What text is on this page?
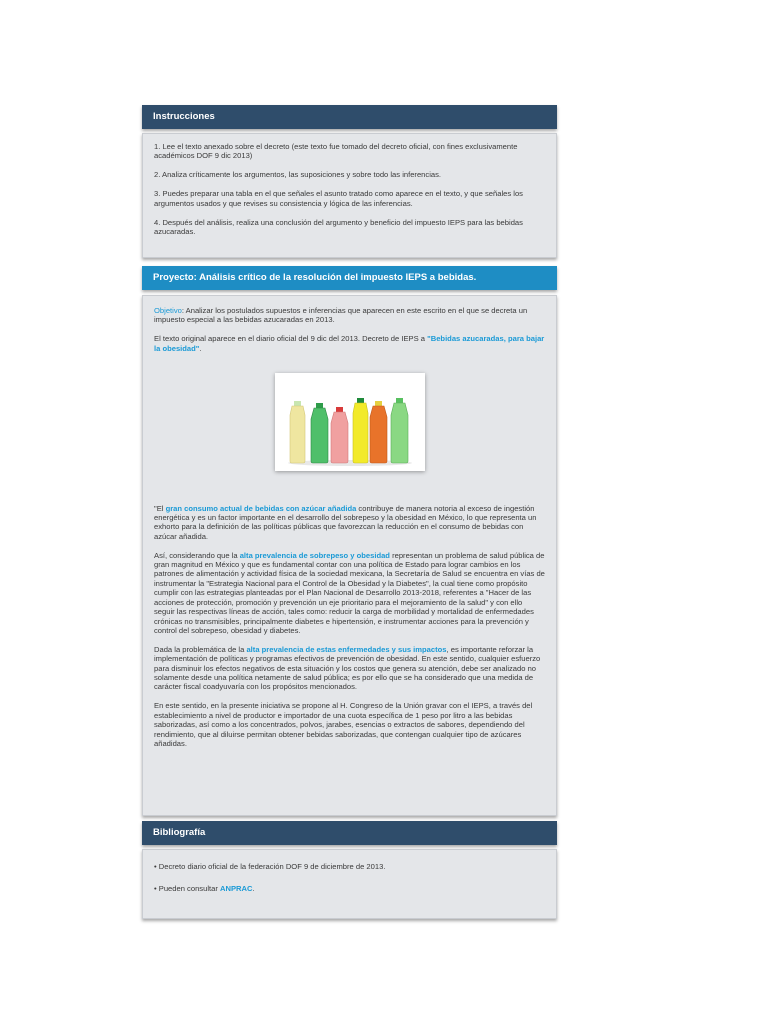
Instrucciones

1. Lee el texto anexado sobre el decreto (este texto fue tomado del decreto oficial, con fines exclusivamente académicos DOF 9 dic 2013)

2. Analiza críticamente los argumentos, las suposiciones y sobre todo las inferencias.

3. Puedes preparar una tabla en el que señales el asunto tratado como aparece en el texto, y que señales los argumentos usados y que revises su consistencia y lógica de las inferencias.

4. Después del análisis, realiza una conclusión del argumento y beneficio del impuesto IEPS para las bebidas azucaradas.

Proyecto: Análisis crítico de la resolución del impuesto IEPS a bebidas.

Objetivo: Analizar los postulados supuestos e inferencias que aparecen en este escrito en el que se decreta un impuesto especial a las bebidas azucaradas en 2013.

El texto original aparece en el diario oficial del 9 dic del 2013. Decreto de IEPS a "Bebidas azucaradas, para bajar la obesidad".

"El gran consumo actual de bebidas con azúcar añadida contribuye de manera notoria al exceso de ingestión energética y es un factor importante en el desarrollo del sobrepeso y la obesidad en México, lo que representa un exhorto para la definición de las políticas públicas que favorezcan la reducción en el consumo de bebidas con azúcar añadida.

Así, considerando que la alta prevalencia de sobrepeso y obesidad representan un problema de salud pública de gran magnitud en México y que es fundamental contar con una política de Estado para lograr cambios en los patrones de alimentación y actividad física de la sociedad mexicana, la Secretaría de Salud se encuentra en vías de instrumentar la "Estrategia Nacional para el Control de la Obesidad y la Diabetes", la cual tiene como propósito cumplir con las estrategias planteadas por el Plan Nacional de Desarrollo 2013-2018, referentes a "Hacer de las acciones de protección, promoción y prevención un eje prioritario para el mejoramiento de la salud" y con ello seguir las respectivas líneas de acción, tales como: reducir la carga de morbilidad y mortalidad de enfermedades crónicas no transmisibles, principalmente diabetes e hipertensión, e instrumentar acciones para la prevención y control del sobrepeso, obesidad y diabetes.

Dada la problemática de la alta prevalencia de estas enfermedades y sus impactos, es importante reforzar la implementación de políticas y programas efectivos de prevención de obesidad. En este sentido, cualquier esfuerzo para disminuir los efectos negativos de esta situación y los costos que genera su atención, debe ser analizado no solamente desde una política netamente de salud pública; es por ello que se ha considerado que una medida de carácter fiscal coadyuvaría con los propósitos mencionados.

En este sentido, en la presente iniciativa se propone al H. Congreso de la Unión gravar con el IEPS, a través del establecimiento a nivel de productor e importador de una cuota específica de 1 peso por litro a las bebidas saborizadas, así como a los concentrados, polvos, jarabes, esencias o extractos de sabores, dependiendo del rendimiento, que al diluirse permitan obtener bebidas saborizadas, que contengan cualquier tipo de azúcares añadidas.

Bibliografía

• Decreto diario oficial de la federación DOF 9 de diciembre de 2013.

• Pueden consultar ANPRAC.
